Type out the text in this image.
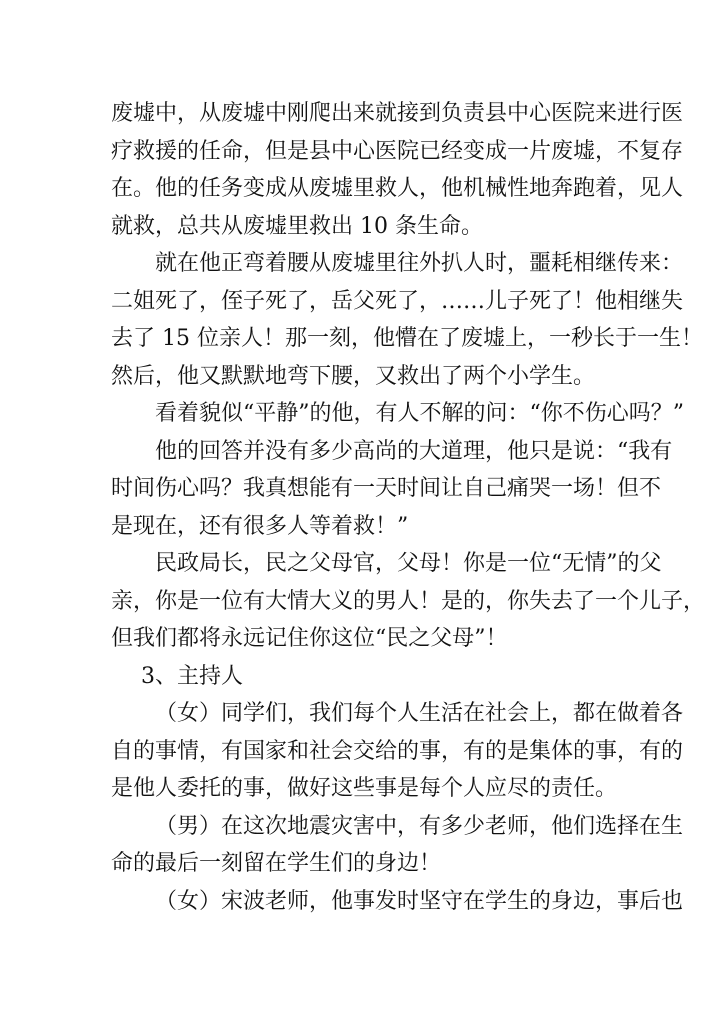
废墟中，从废墟中刚爬出来就接到负责县中心医院来进行医
疗救援的任命，但是县中心医院已经变成一片废墟，不复存
在。他的任务变成从废墟里救人，他机械性地奔跑着，见人
就救，总共从废墟里救出 10 条生命。
就在他正弯着腰从废墟里往外扒人时，噩耗相继传来：
二姐死了，侄子死了，岳父死了，……儿子死了！他相继失
去了 15 位亲人！那一刻，他懵在了废墟上，一秒长于一生！
然后，他又默默地弯下腰，又救出了两个小学生。
看着貌似“平静”的他，有人不解的问：“你不伤心吗？”
他的回答并没有多少高尚的大道理，他只是说：“我有
时间伤心吗？我真想能有一天时间让自己痛哭一场！但不
是现在，还有很多人等着救！”
民政局长，民之父母官，父母！你是一位“无情”的父
亲，你是一位有大情大义的男人！是的，你失去了一个儿子，
但我们都将永远记住你这位“民之父母”！
3、主持人
（女）同学们，我们每个人生活在社会上，都在做着各
自的事情，有国家和社会交给的事，有的是集体的事，有的
是他人委托的事，做好这些事是每个人应尽的责任。
（男）在这次地震灾害中，有多少老师，他们选择在生
命的最后一刻留在学生们的身边！
（女）宋波老师，他事发时坚守在学生的身边，事后也
